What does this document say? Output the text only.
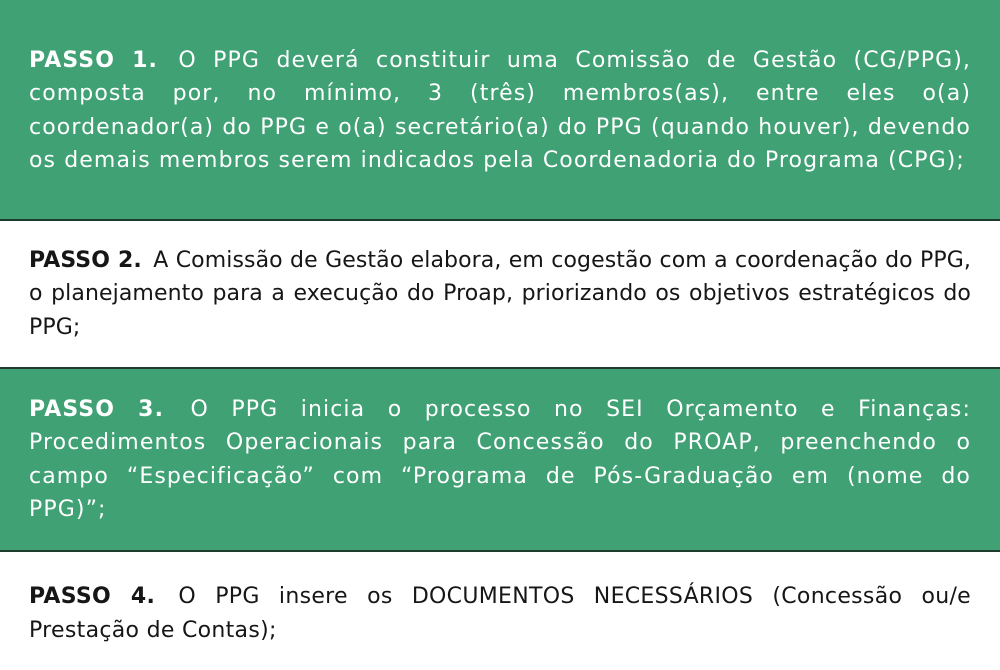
PASSO 1. O PPG deverá constituir uma Comissão de Gestão (CG/PPG), composta por, no mínimo, 3 (três) membros(as), entre eles o(a) coordenador(a) do PPG e o(a) secretário(a) do PPG (quando houver), devendo os demais membros serem indicados pela Coordenadoria do Programa (CPG);

PASSO 2. A Comissão de Gestão elabora, em cogestão com a coordenação do PPG, o planejamento para a execução do Proap, priorizando os objetivos estratégicos do PPG;

PASSO 3. O PPG inicia o processo no SEI Orçamento e Finanças: Procedimentos Operacionais para Concessão do PROAP, preenchendo o campo “Especificação” com “Programa de Pós-Graduação em (nome do PPG)”;

PASSO 4. O PPG insere os DOCUMENTOS NECESSÁRIOS (Concessão ou/e Prestação de Contas);
